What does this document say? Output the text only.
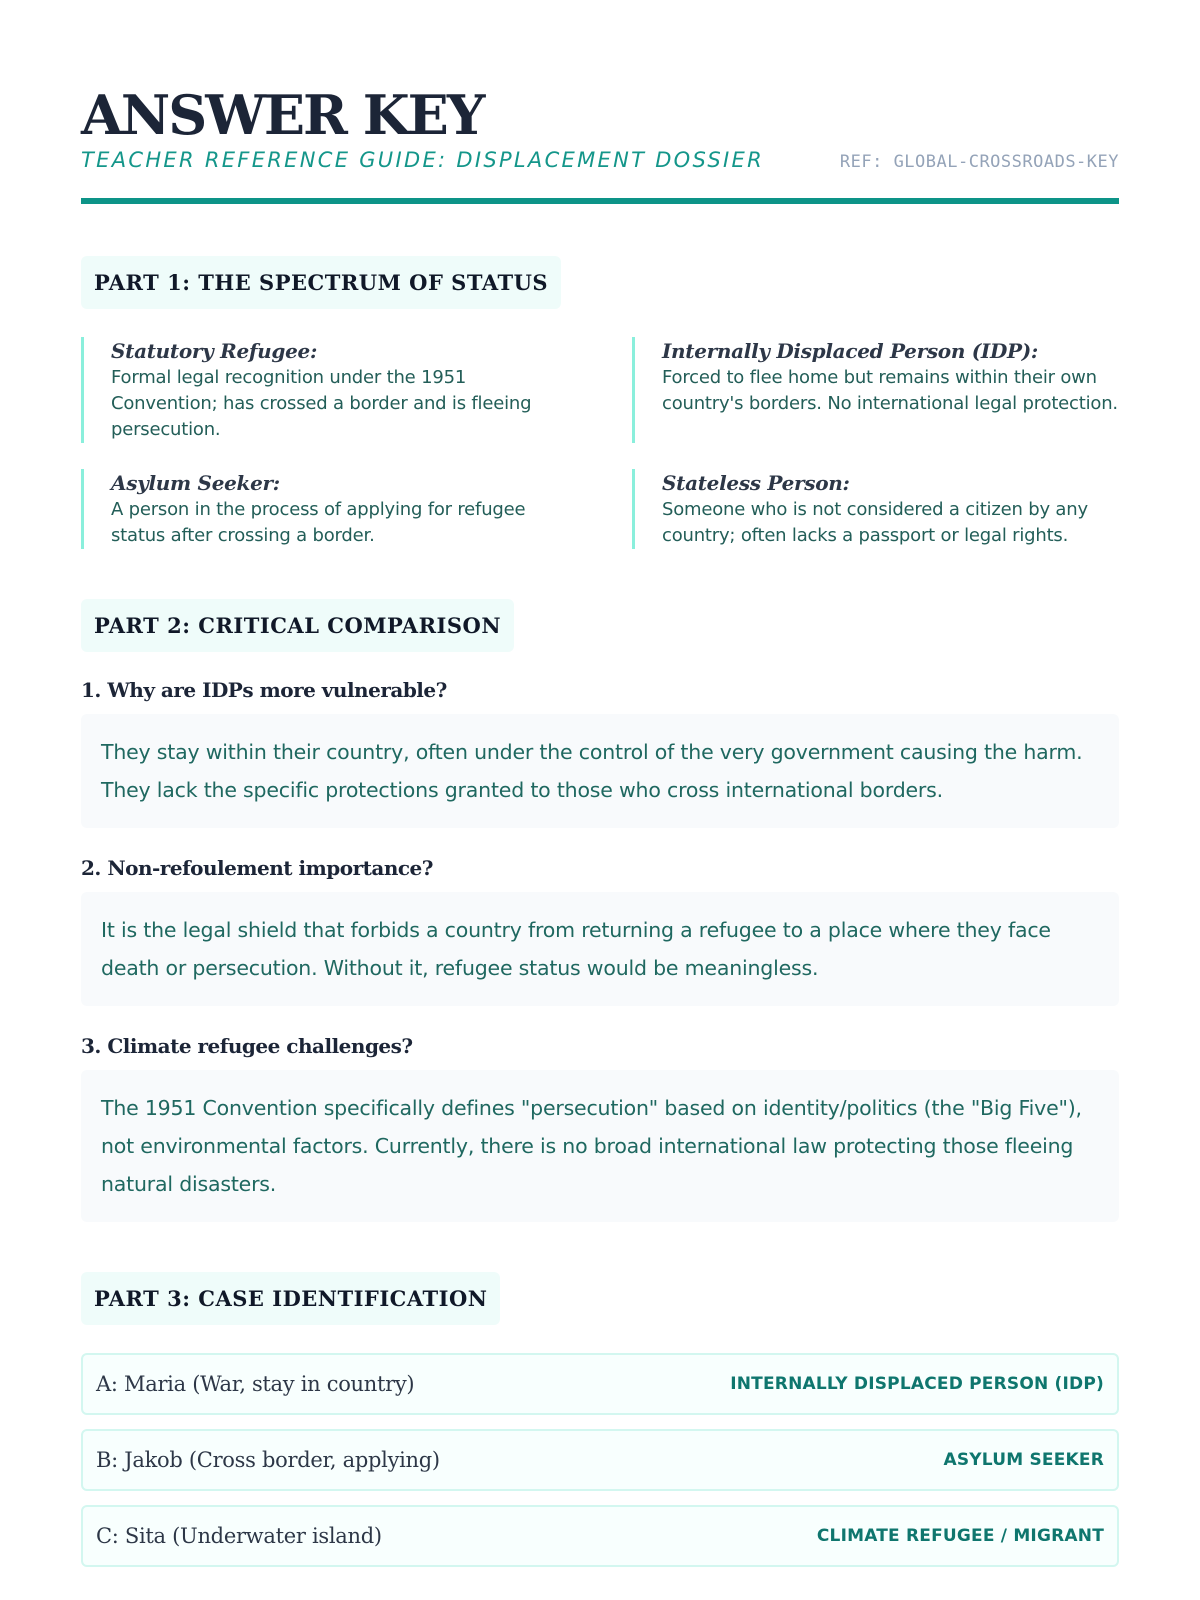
ANSWER KEY
TEACHER REFERENCE GUIDE: DISPLACEMENT DOSSIER	REF: GLOBAL-CROSSROADS-KEY
PART 1: THE SPECTRUM OF STATUS
Statutory Refugee:
Formal legal recognition under the 1951 Convention; has crossed a border and is fleeing persecution.
Internally Displaced Person (IDP):
Forced to flee home but remains within their own country's borders. No international legal protection.
Asylum Seeker:
A person in the process of applying for refugee status after crossing a border.
Stateless Person:
Someone who is not considered a citizen by any country; often lacks a passport or legal rights.
PART 2: CRITICAL COMPARISON
1. Why are IDPs more vulnerable?
They stay within their country, often under the control of the very government causing the harm. They lack the specific protections granted to those who cross international borders.
2. Non-refoulement importance?
It is the legal shield that forbids a country from returning a refugee to a place where they face death or persecution. Without it, refugee status would be meaningless.
3. Climate refugee challenges?
The 1951 Convention specifically defines "persecution" based on identity/politics (the "Big Five"), not environmental factors. Currently, there is no broad international law protecting those fleeing natural disasters.
PART 3: CASE IDENTIFICATION
A: Maria (War, stay in country)	INTERNALLY DISPLACED PERSON (IDP)
B: Jakob (Cross border, applying)	ASYLUM SEEKER
C: Sita (Underwater island)	CLIMATE REFUGEE / MIGRANT
